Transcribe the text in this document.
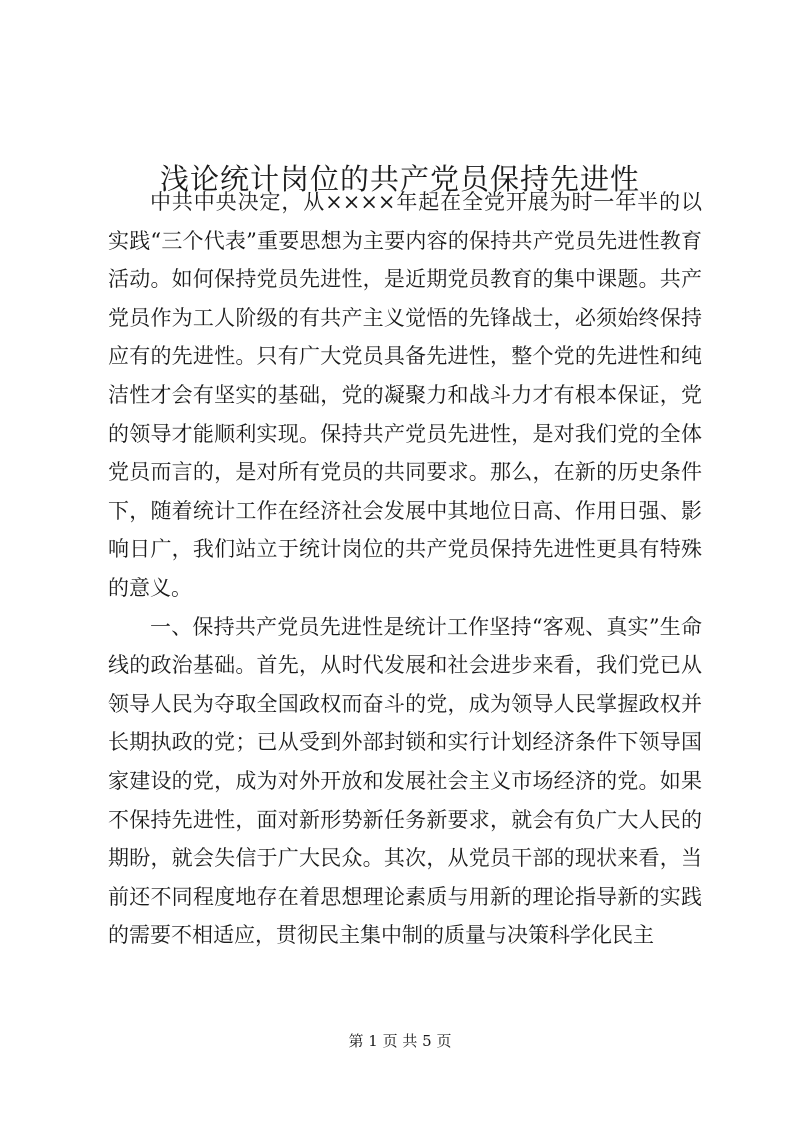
浅论统计岗位的共产党员保持先进性

中共中央决定，从××××年起在全党开展为时一年半的以实践“三个代表”重要思想为主要内容的保持共产党员先进性教育活动。如何保持党员先进性，是近期党员教育的集中课题。共产党员作为工人阶级的有共产主义觉悟的先锋战士，必须始终保持应有的先进性。只有广大党员具备先进性，整个党的先进性和纯洁性才会有坚实的基础，党的凝聚力和战斗力才有根本保证，党的领导才能顺利实现。保持共产党员先进性，是对我们党的全体党员而言的，是对所有党员的共同要求。那么，在新的历史条件下，随着统计工作在经济社会发展中其地位日高、作用日强、影响日广，我们站立于统计岗位的共产党员保持先进性更具有特殊的意义。

一、保持共产党员先进性是统计工作坚持“客观、真实”生命线的政治基础。首先，从时代发展和社会进步来看，我们党已从领导人民为夺取全国政权而奋斗的党，成为领导人民掌握政权并长期执政的党；已从受到外部封锁和实行计划经济条件下领导国家建设的党，成为对外开放和发展社会主义市场经济的党。如果不保持先进性，面对新形势新任务新要求，就会有负广大人民的期盼，就会失信于广大民众。其次，从党员干部的现状来看，当前还不同程度地存在着思想理论素质与用新的理论指导新的实践的需要不相适应，贯彻民主集中制的质量与决策科学化民主

第 1 页 共 5 页
